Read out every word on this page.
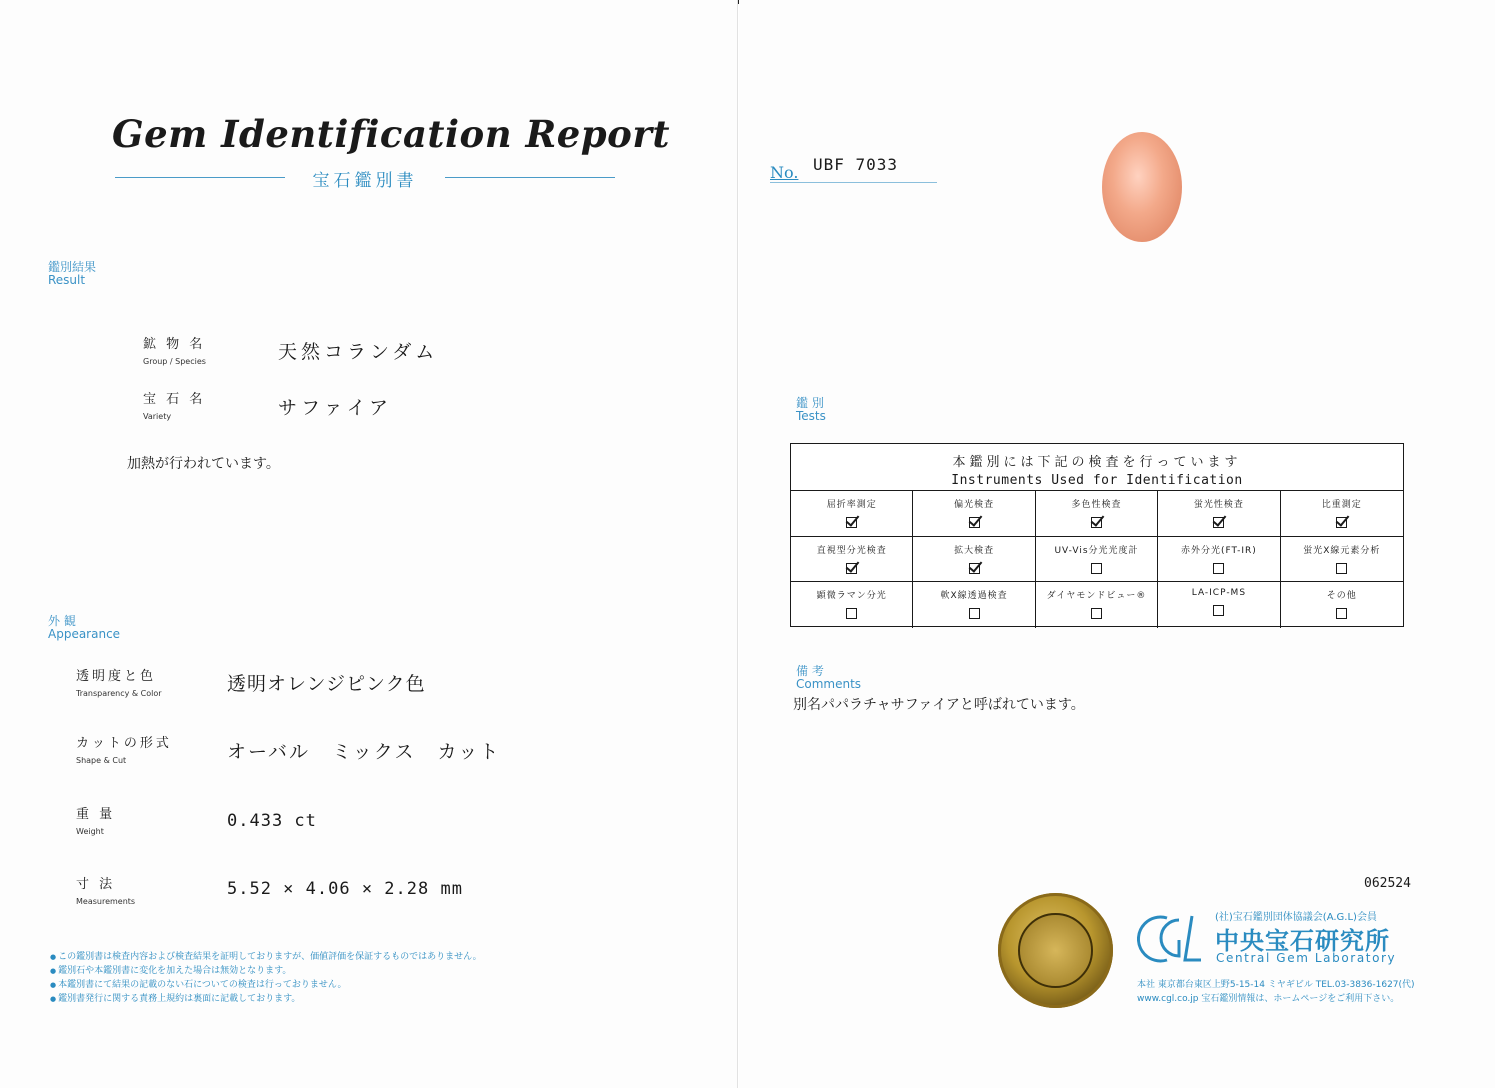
Gem Identification Report
宝石鑑別書
鑑別結果
Result
鉱 物 名
Group / Species	天然コランダム
宝 石 名
Variety	サファイア
加熱が行われています。
外 観
Appearance
透明度と色
Transparency & Color	透明オレンジピンク色
カットの形式
Shape & Cut	オーバル ミックス カット
重 量
Weight
0.433 ct
寸 法
Measurements
5.52 × 4.06 × 2.28 mm
● この鑑別書は検査内容および検査結果を証明しておりますが、価値評価を保証するものではありません。
● 鑑別石や本鑑別書に変化を加えた場合は無効となります。
● 本鑑別書にて結果の記載のない石についての検査は行っておりません。
● 鑑別書発行に関する責務上規約は裏面に記載しております。
No. UBF 7033
鑑 別
Tests
本鑑別には下記の検査を行っています
Instruments Used for Identification
屈折率測定	偏光検査	多色性検査	蛍光性検査	比重測定
直視型分光検査	拡大検査	UV-Vis分光光度計	赤外分光(FT-IR)	蛍光X線元素分析
顕微ラマン分光	軟X線透過検査	ダイヤモンドビュー®	LA-ICP-MS	その他
備 考
Comments
別名パパラチャサファイアと呼ばれています。
062524
(社)宝石鑑別団体協議会(A.G.L)会員
中央宝石研究所
Central Gem Laboratory
本社 東京都台東区上野5-15-14 ミヤギビル TEL.03-3836-1627(代)
www.cgl.co.jp 宝石鑑別情報は、ホームページをご利用下さい。
